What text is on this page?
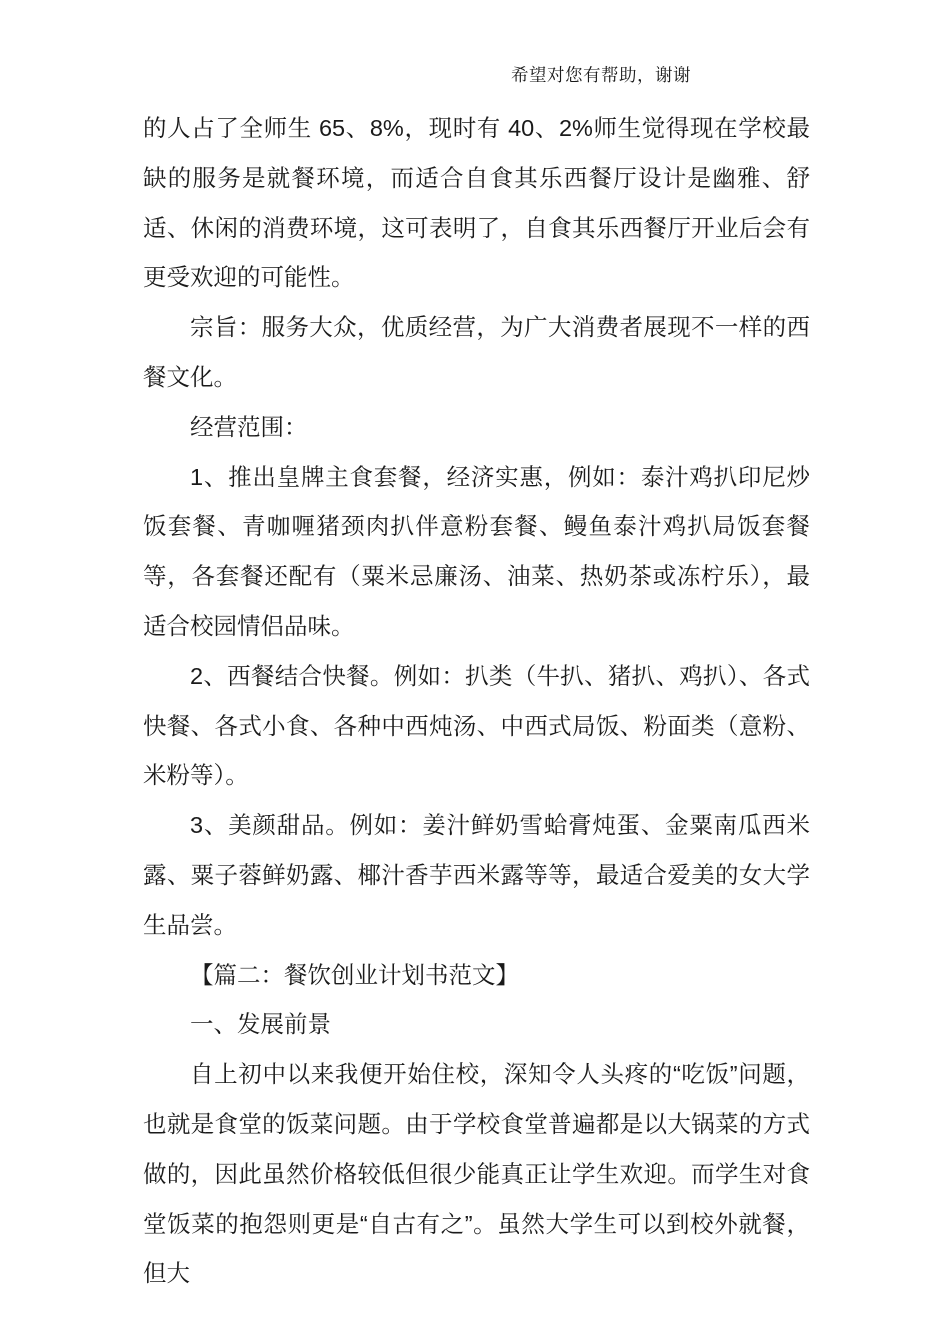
希望对您有帮助，谢谢

的人占了全师生 65、8%，现时有 40、2%师生觉得现在学校最缺的服务是就餐环境，而适合自食其乐西餐厅设计是幽雅、舒适、休闲的消费环境，这可表明了，自食其乐西餐厅开业后会有更受欢迎的可能性。

宗旨：服务大众，优质经营，为广大消费者展现不一样的西餐文化。

经营范围：

1、推出皇牌主食套餐，经济实惠，例如：泰汁鸡扒印尼炒饭套餐、青咖喱猪颈肉扒伴意粉套餐、鳗鱼泰汁鸡扒局饭套餐等，各套餐还配有（粟米忌廉汤、油菜、热奶茶或冻柠乐），最适合校园情侣品味。

2、西餐结合快餐。例如：扒类（牛扒、猪扒、鸡扒）、各式快餐、各式小食、各种中西炖汤、中西式局饭、粉面类（意粉、米粉等）。

3、美颜甜品。例如：姜汁鲜奶雪蛤膏炖蛋、金粟南瓜西米露、粟子蓉鲜奶露、椰汁香芋西米露等等，最适合爱美的女大学生品尝。

【篇二：餐饮创业计划书范文】

一、发展前景

自上初中以来我便开始住校，深知令人头疼的“吃饭”问题，也就是食堂的饭菜问题。由于学校食堂普遍都是以大锅菜的方式做的，因此虽然价格较低但很少能真正让学生欢迎。而学生对食堂饭菜的抱怨则更是“自古有之”。虽然大学生可以到校外就餐，但大
